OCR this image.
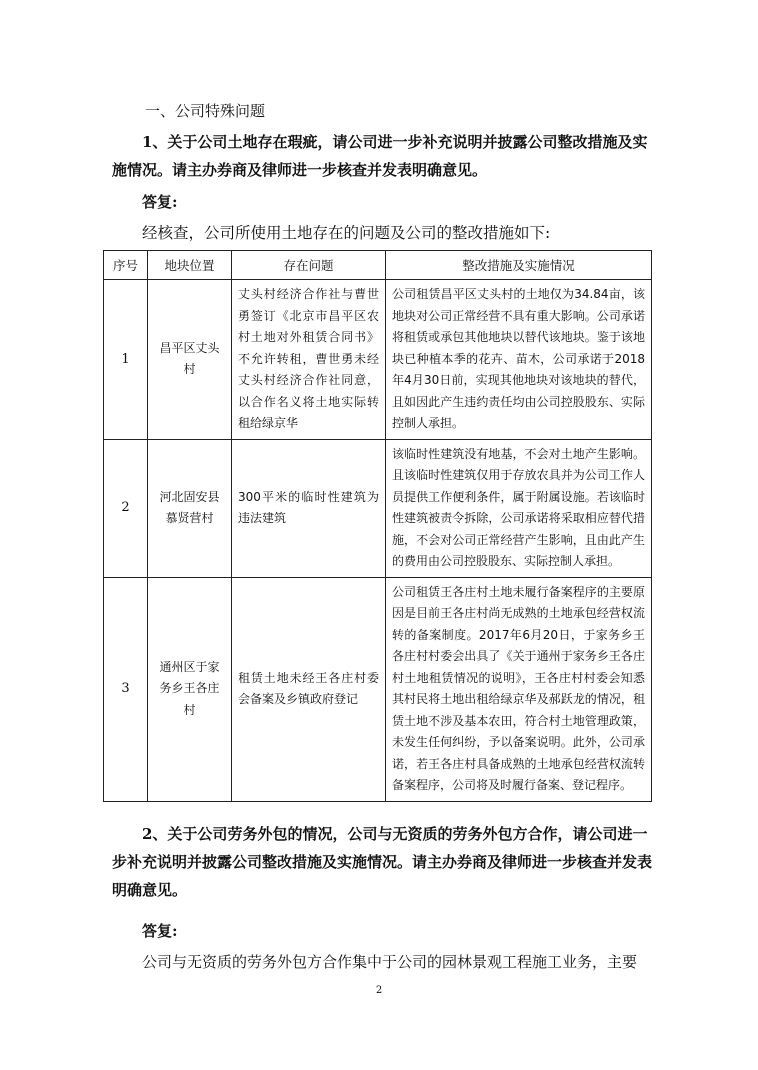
一、公司特殊问题

1、关于公司土地存在瑕疵，请公司进一步补充说明并披露公司整改措施及实施情况。请主办券商及律师进一步核查并发表明确意见。

答复:

经核查，公司所使用土地存在的问题及公司的整改措施如下:

序号	地块位置	存在问题	整改措施及实施情况
1	昌平区丈头村	丈头村经济合作社与曹世勇签订《北京市昌平区农村土地对外租赁合同书》不允许转租，曹世勇未经丈头村经济合作社同意，以合作名义将土地实际转租给绿京华	公司租赁昌平区丈头村的土地仅为34.84亩，该地块对公司正常经营不具有重大影响。公司承诺将租赁或承包其他地块以替代该地块。鉴于该地块已种植本季的花卉、苗木，公司承诺于2018年4月30日前，实现其他地块对该地块的替代，且如因此产生违约责任均由公司控股股东、实际控制人承担。
2	河北固安县慕贤营村	300平米的临时性建筑为违法建筑	该临时性建筑没有地基，不会对土地产生影响。且该临时性建筑仅用于存放农具并为公司工作人员提供工作便利条件，属于附属设施。若该临时性建筑被责令拆除，公司承诺将采取相应替代措施，不会对公司正常经营产生影响，且由此产生的费用由公司控股股东、实际控制人承担。
3	通州区于家务乡王各庄村	租赁土地未经王各庄村委会备案及乡镇政府登记	公司租赁王各庄村土地未履行备案程序的主要原因是目前王各庄村尚无成熟的土地承包经营权流转的备案制度。2017年6月20日，于家务乡王各庄村村委会出具了《关于通州于家务乡王各庄村土地租赁情况的说明》，王各庄村村委会知悉其村民将土地出租给绿京华及郝跃龙的情况，租赁土地不涉及基本农田，符合村土地管理政策，未发生任何纠纷，予以备案说明。此外，公司承诺，若王各庄村具备成熟的土地承包经营权流转备案程序，公司将及时履行备案、登记程序。

2、关于公司劳务外包的情况，公司与无资质的劳务外包方合作，请公司进一步补充说明并披露公司整改措施及实施情况。请主办券商及律师进一步核查并发表明确意见。

答复:

公司与无资质的劳务外包方合作集中于公司的园林景观工程施工业务，主要

2
